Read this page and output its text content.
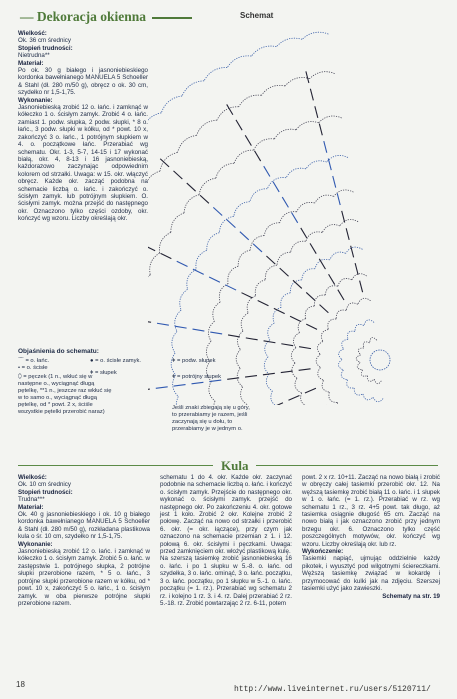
— Dekoracja okienna	Schemat

Wielkość:
Ok. 36 cm średnicy

Stopień trudności:
Nietrudna**

Materiał:
Po ok. 30 g białego i jasnoniebieskiego kordonka bawełnianego MANUELA 5 Schoeller & Stahl (dł. 280 m/50 g), obręcz o ok. 30 cm, szydełko nr 1,5-1,75.

Wykonanie:
Jasnoniebieską zrobić 12 o. łańc. i zamknąć w kółeczko 1 o. ścisłym zamyk. Zrobić 4 o. łańc. zamiast 1. podw. słupka, 2 podw. słupki, * 8 o. łańc., 3 podw. słupki w kółku, od * powt. 10 x, zakończyć 3 o. łańc., 1 potrójnym słupkiem w 4. o. początkowe łańc. Przerabiać wg schematu. Okr. 1-3, 5-7, 14-15 i 17 wykonać białą, okr. 4, 8-13 i 16 jasnoniebieską, każdorazowo zaczynając odpowiednim kolorem od strzałki. Uwaga: w 15. okr. włączyć obręcz. Każde okr. zacząć podobna na schemacie liczbą o. łańc. i zakończyć o. ścisłym zamyk. lub potrójnym słupkiem. O. ścisłymi zamyk. można przejść do następnego okr. Oznaczono tylko części ozdoby, okr. kończyć wg wzoru. Liczby określają okr.

Objaśnienia do schematu:
⌒ = o. łańc.
• = o. ścisłe
⬯ = pęczek (1 n., wkłuć się w następne o., wyciągnąć długą pętelkę, **1 n., jeszcze raz wkłuć się w to samo o., wyciągnąć długą pętelkę, od * powt. 2 x, ściśle wszystkie pętelki przerobić naraz)
● = o. ścisłe zamyk.
ǂ = słupek
ǂ = podw. słupek
ǂ = potrójny słupek
Jeśli znaki zbiegają się u góry, to przerabiamy je razem, jeśli zaczynają się u dołu, to przerabiamy je w jednym o.
Kula

Wielkość:
Ok. 10 cm średnicy

Stopień trudności:
Trudna***

Materiał:
Ok. 40 g jasnoniebieskiego i ok. 10 g białego kordonka bawełnianego MANUELA 5 Schoeller & Stahl (dł. 280 m/50 g), rozkładana plastikowa kula o śr. 10 cm, szydełko nr 1,5-1,75.

Wykonanie:
Jasnoniebieską zrobić 12 o. łańc. i zamknąć w kółeczko 1 o. ścisłym zamyk. Zrobić 5 o. łańc. w zastępstwie 1. potrójnego słupka, 2 potrójne słupki przerobione razem, * 5 o. łańc., 3 potrójne słupki przerobione razem w kółku, od * powt. 10 x, zakończyć 5 o. łańc., 1 o. ścisłym zamyk. w oba pierwsze potrójne słupki przerobione razem.

schematu 1 do 4. okr. Każde okr. zaczynać podobnie na schemacie liczbą o. łańc. i kończyć o. ścisłym zamyk. Przejście do następnego okr. wykonać o. ścisłymi zamyk. przejść do następnego okr. Po zakończeniu 4. okr. gotowe jest 1 koło. Zrobić 2 okr. Kolejne zrobić 2 połowę. Zacząć na nowo od strzałki i przerobić 6. okr. (= okr. łączące), przy czym jak oznaczono na schemacie przemian z 1. i 12. połową 6. okr. ścisłymi i pęczkami. Uwaga: przed zamknięciem okr. włożyć plastikową kulę.

Na szerszą tasiemkę zrobić jasnoniebieską 16 o. łańc. i po 1 słupku w 5.-8. o. łańc. od szydełka, 3 o. łańc. ominąć, 3 o. łańc. początku, 3 o. łańc. początku, po 1 słupku w 5.-1. o. łańc. początku (= 1. rz.). Przerabiać wg schematu 2 rz. i kolejno 1 rz. 3. i 4. rz. Dalej przerabiać 2 rz. 5.-18. rz. Zrobić powtarzając 2 rz. 6-11, potem

powt. 2 x rz. 10+11. Zacząć na nowo białą i zrobić w obręczy całej tasiemki przerobić okr. 12. Na węższą tasiemkę zrobić białą 11 o. łańc. i 1 słupek w 1 o. łańc. (= 1. rz.). Przerabiać w rz. wg schematu 1 rz., 3 rz. 4+5 powt. tak długo, aż tasiemka osiągnie długość 65 cm. Zacząć na nowo białą i jak oznaczono zrobić przy jednym brzegu okr. 6. Oznaczono tylko część poszczególnych motywów, okr. kończyć wg wzoru. Liczby określają okr. lub rz.

Wykończenie:

Tasiemki napiąć, ujmując oddzielnie każdy pikotek, i wyusztyć pod wilgotnymi ściereczkami. Węższą tasiemkę związać w kokardę i przymocować do kulki jak na zdjęciu. Szerszej tasiemki użyć jako zawieszki.

Schematy na str. 19

18
http://www.liveinternet.ru/users/5120711/
